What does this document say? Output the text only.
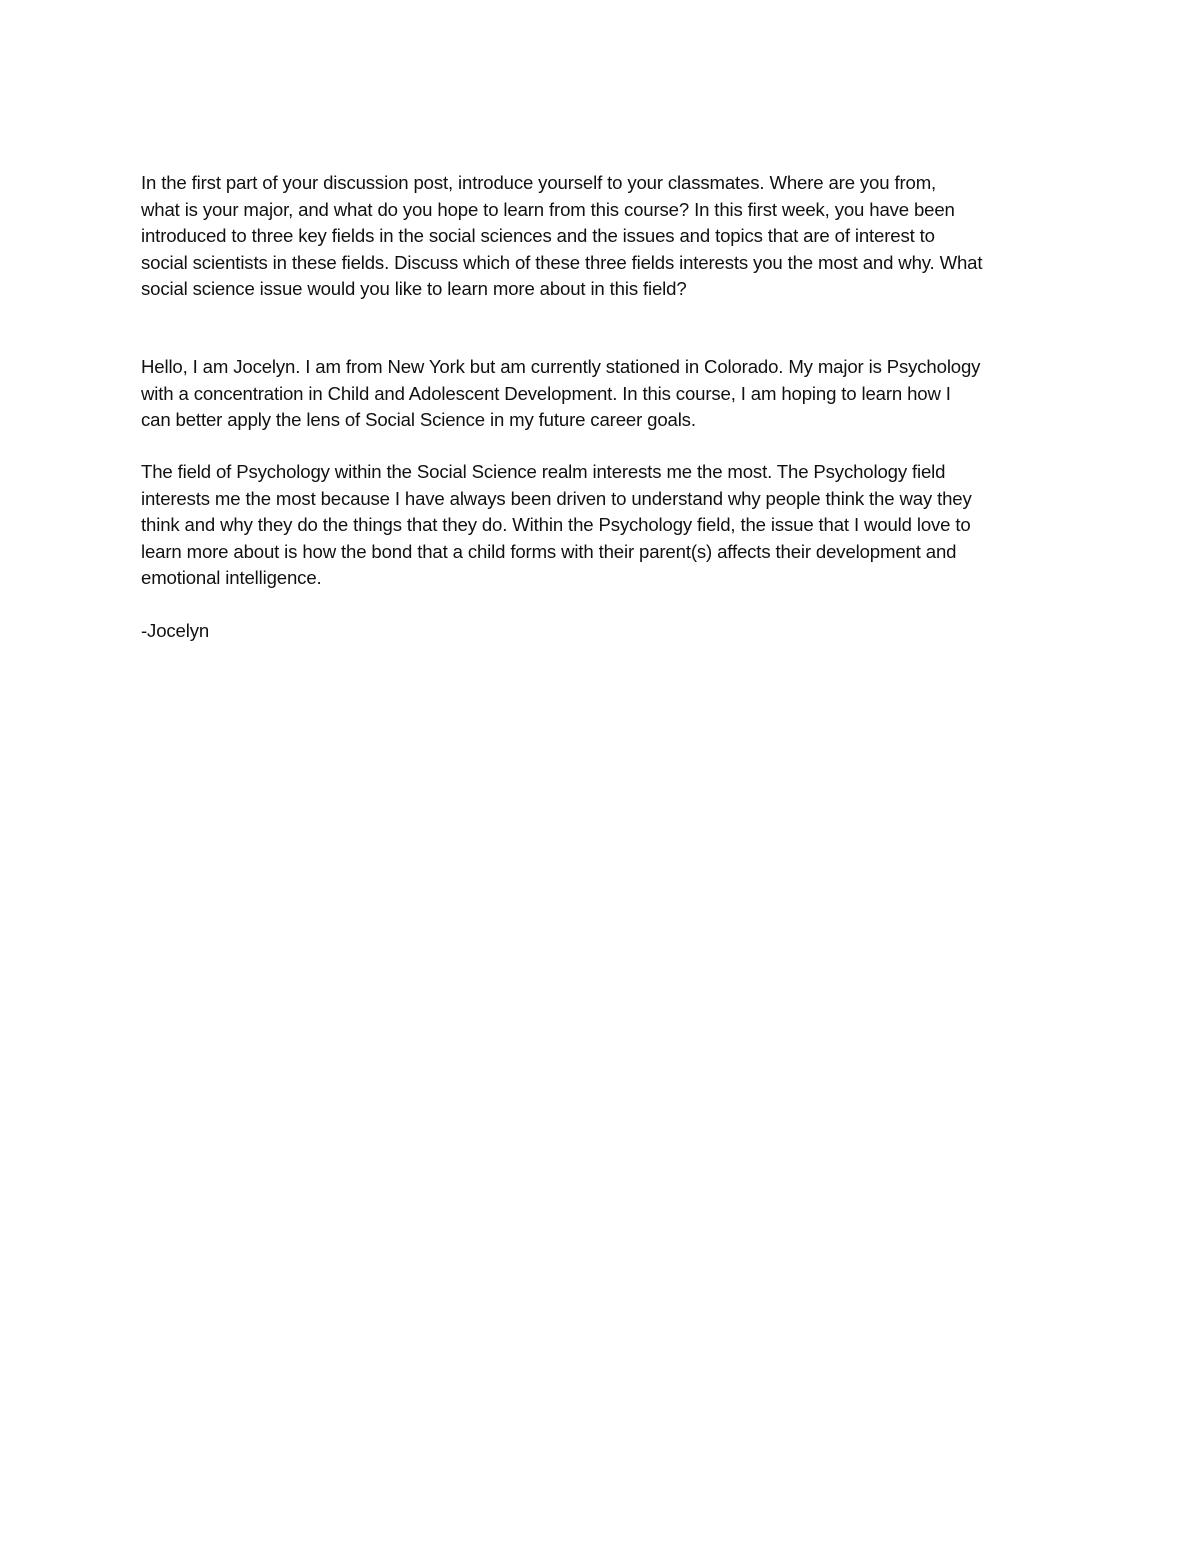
In the first part of your discussion post, introduce yourself to your classmates. Where are you from,
what is your major, and what do you hope to learn from this course? In this first week, you have been
introduced to three key fields in the social sciences and the issues and topics that are of interest to
social scientists in these fields. Discuss which of these three fields interests you the most and why. What
social science issue would you like to learn more about in this field?

Hello, I am Jocelyn. I am from New York but am currently stationed in Colorado. My major is Psychology
with a concentration in Child and Adolescent Development. In this course, I am hoping to learn how I
can better apply the lens of Social Science in my future career goals.

The field of Psychology within the Social Science realm interests me the most. The Psychology field
interests me the most because I have always been driven to understand why people think the way they
think and why they do the things that they do. Within the Psychology field, the issue that I would love to
learn more about is how the bond that a child forms with their parent(s) affects their development and
emotional intelligence.

-Jocelyn
